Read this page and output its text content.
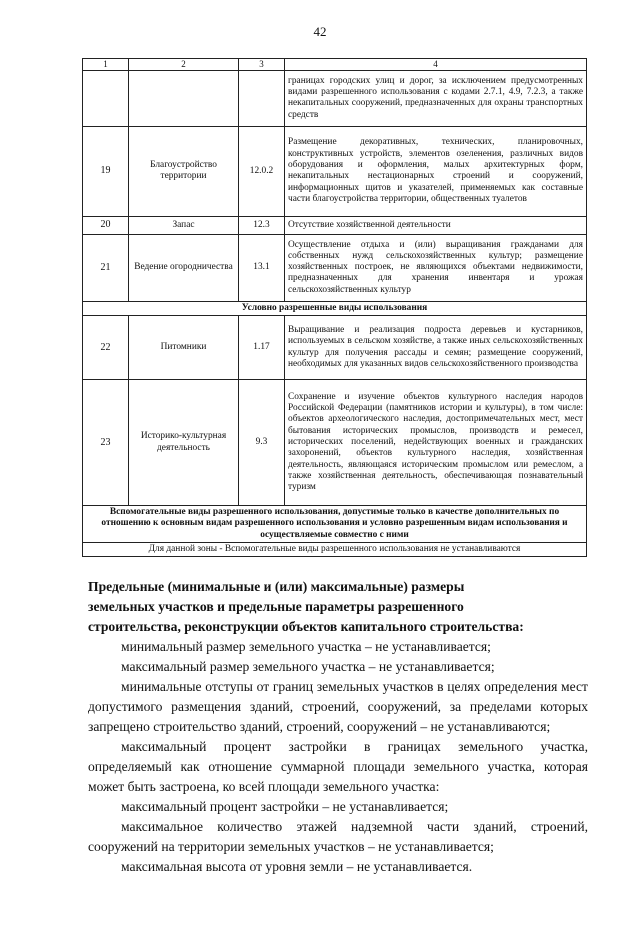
42
1	2	3	4
			границах городских улиц и дорог, за исключением предусмотренных видами разрешенного использования с кодами 2.7.1, 4.9, 7.2.3, а также некапитальных сооружений, предназначенных для охраны транспортных средств
19	Благоустройство территории	12.0.2	Размещение декоративных, технических, планировочных, конструктивных устройств, элементов озеленения, различных видов оборудования и оформления, малых архитектурных форм, некапитальных нестационарных строений и сооружений, информационных щитов и указателей, применяемых как составные части благоустройства территории, общественных туалетов
20	Запас	12.3	Отсутствие хозяйственной деятельности
21	Ведение огородничества	13.1	Осуществление отдыха и (или) выращивания гражданами для собственных нужд сельскохозяйственных культур; размещение хозяйственных построек, не являющихся объектами недвижимости, предназначенных для хранения инвентаря и урожая сельскохозяйственных культур
Условно разрешенные виды использования			
22	Питомники	1.17	Выращивание и реализация подроста деревьев и кустарников, используемых в сельском хозяйстве, а также иных сельскохозяйственных культур для получения рассады и семян; размещение сооружений, необходимых для указанных видов сельскохозяйственного производства
23	Историко-культурная деятельность	9.3	Сохранение и изучение объектов культурного наследия народов Российской Федерации (памятников истории и культуры), в том числе: объектов археологического наследия, достопримечательных мест, мест бытования исторических промыслов, производств и ремесел, исторических поселений, недействующих военных и гражданских захоронений, объектов культурного наследия, хозяйственная деятельность, являющаяся историческим промыслом или ремеслом, а также хозяйственная деятельность, обеспечивающая познавательный туризм
Вспомогательные виды разрешенного использования, допустимые только в качестве дополнительных по отношению к основным видам разрешенного использования и условно разрешенным видам использования и осуществляемые совместно с ними			
Для данной зоны - Вспомогательные виды разрешенного использования не устанавливаются			
Предельные (минимальные и (или) максимальные) размеры
земельных участков и предельные параметры разрешенного
строительства, реконструкции объектов капитального строительства:
минимальный размер земельного участка – не устанавливается;
максимальный размер земельного участка – не устанавливается;
минимальные отступы от границ земельных участков в целях определения мест допустимого размещения зданий, строений, сооружений, за пределами которых запрещено строительство зданий, строений, сооружений – не устанавливаются;
максимальный процент застройки в границах земельного участка, определяемый как отношение суммарной площади земельного участка, которая может быть застроена, ко всей площади земельного участка:
максимальный процент застройки – не устанавливается;
максимальное количество этажей надземной части зданий, строений, сооружений на территории земельных участков – не устанавливается;
максимальная высота от уровня земли – не устанавливается.
